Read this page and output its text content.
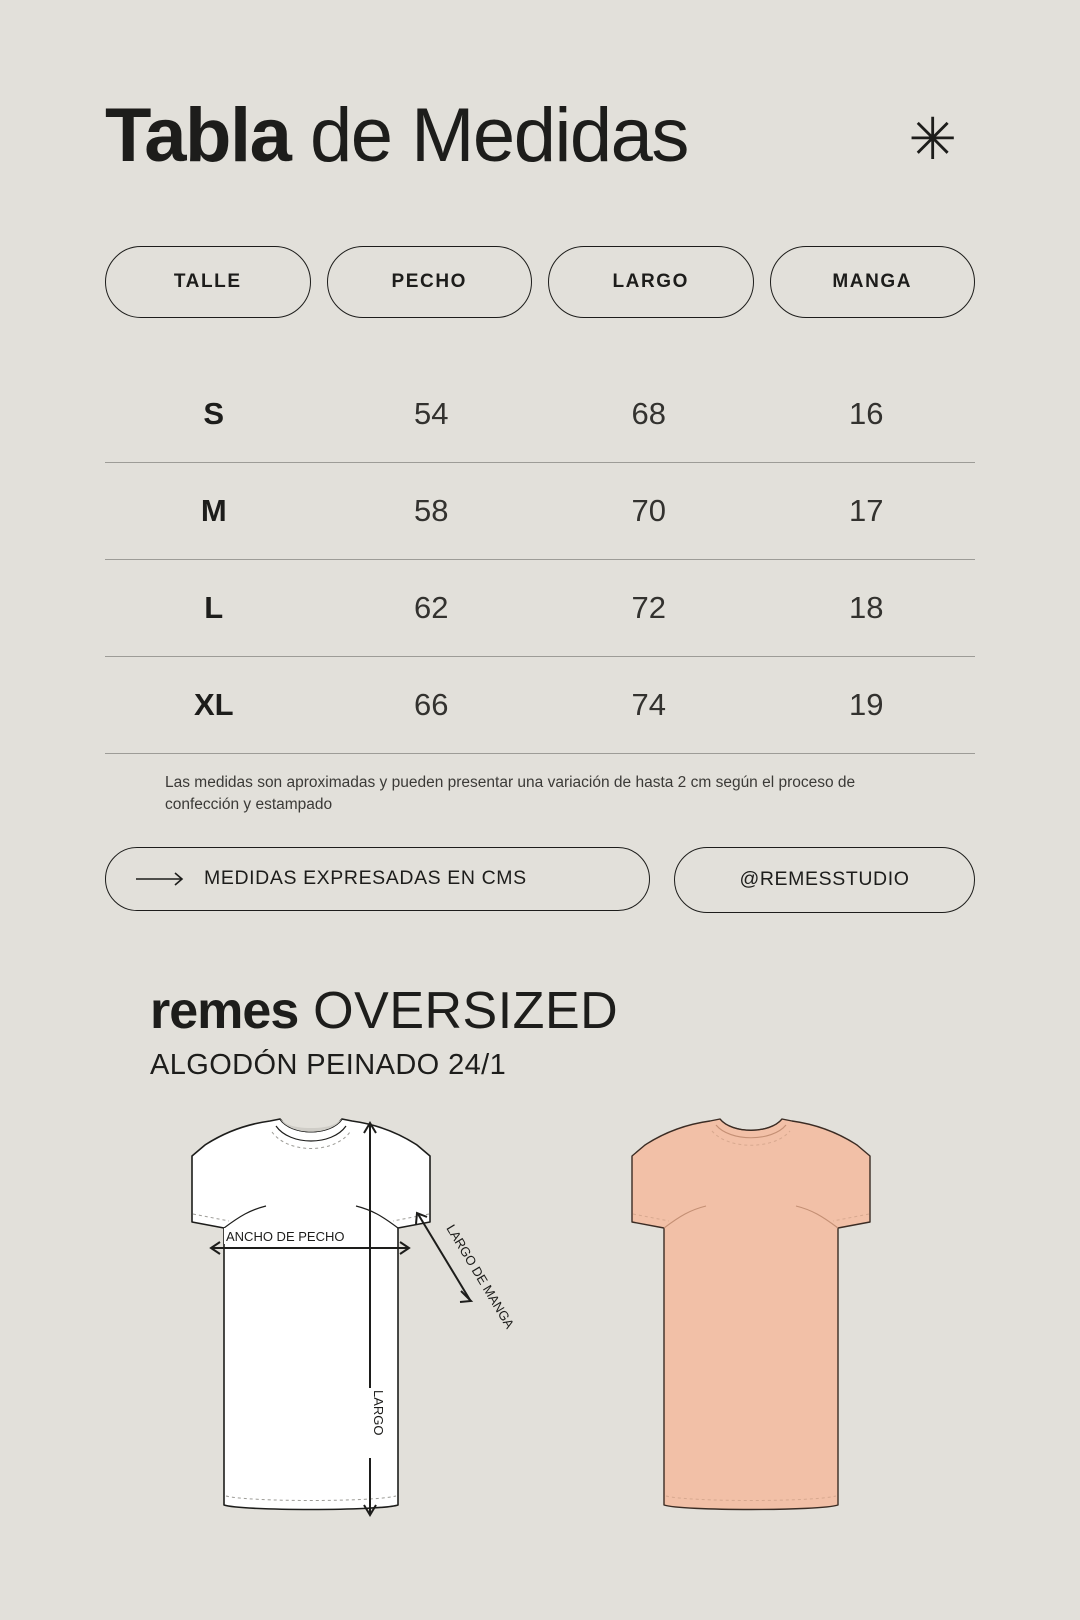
Tabla de Medidas	✳
TALLE	PECHO	LARGO	MANGA
S	54	68	16
M	58	70	17
L	62	72	18
XL	66	74	19
Las medidas son aproximadas y pueden presentar una variación de hasta 2 cm según el proceso de confección y estampado
MEDIDAS EXPRESADAS EN CMS	@REMESSTUDIO
remes OVERSIZED
ALGODÓN PEINADO 24/1
ANCHO DE PECHO
LARGO
LARGO DE MANGA
